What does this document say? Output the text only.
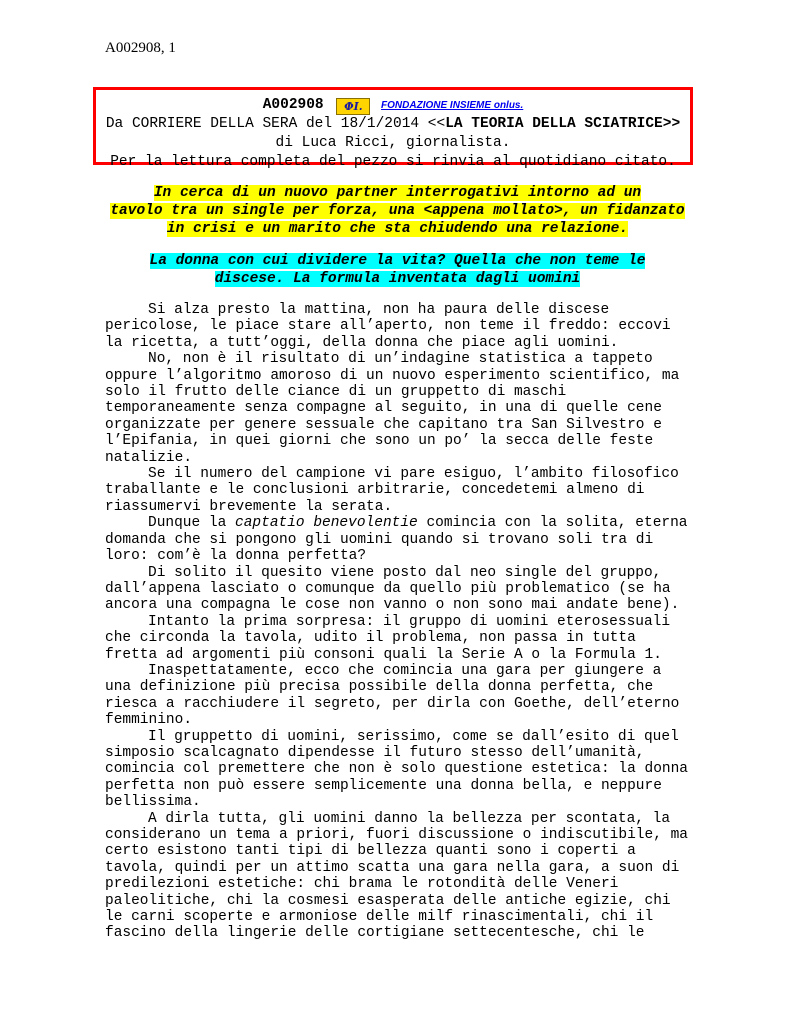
A002908, 1
A002908 ΦI. FONDAZIONE INSIEME onlus.
Da CORRIERE DELLA SERA del 18/1/2014 <<LA TEORIA DELLA SCIATRICE>>
di Luca Ricci, giornalista.
Per la lettura completa del pezzo si rinvia al quotidiano citato.
In cerca di un nuovo partner interrogativi intorno ad un
tavolo tra un single per forza, una <appena mollato>, un fidanzato
in crisi e un marito che sta chiudendo una relazione.
La donna con cui dividere la vita? Quella che non teme le
discese. La formula inventata dagli uomini

Si alza presto la mattina, non ha paura delle discese pericolose, le piace stare all’aperto, non teme il freddo: eccovi la ricetta, a tutt’oggi, della donna che piace agli uomini.

No, non è il risultato di un’indagine statistica a tappeto oppure l’algoritmo amoroso di un nuovo esperimento scientifico, ma solo il frutto delle ciance di un gruppetto di maschi temporaneamente senza compagne al seguito, in una di quelle cene organizzate per genere sessuale che capitano tra San Silvestro e l’Epifania, in quei giorni che sono un po’ la secca delle feste natalizie.

Se il numero del campione vi pare esiguo, l’ambito filosofico traballante e le conclusioni arbitrarie, concedetemi almeno di riassumervi brevemente la serata.

Dunque la captatio benevolentie comincia con la solita, eterna domanda che si pongono gli uomini quando si trovano soli tra di loro: com’è la donna perfetta?

Di solito il quesito viene posto dal neo single del gruppo, dall’appena lasciato o comunque da quello più problematico (se ha ancora una compagna le cose non vanno o non sono mai andate bene).

Intanto la prima sorpresa: il gruppo di uomini eterosessuali che circonda la tavola, udito il problema, non passa in tutta fretta ad argomenti più consoni quali la Serie A o la Formula 1.

Inaspettatamente, ecco che comincia una gara per giungere a una definizione più precisa possibile della donna perfetta, che riesca a racchiudere il segreto, per dirla con Goethe, dell’eterno femminino.

Il gruppetto di uomini, serissimo, come se dall’esito di quel simposio scalcagnato dipendesse il futuro stesso dell’umanità, comincia col premettere che non è solo questione estetica: la donna perfetta non può essere semplicemente una donna bella, e neppure bellissima.

A dirla tutta, gli uomini danno la bellezza per scontata, la considerano un tema a priori, fuori discussione o indiscutibile, ma certo esistono tanti tipi di bellezza quanti sono i coperti a tavola, quindi per un attimo scatta una gara nella gara, a suon di predilezioni estetiche: chi brama le rotondità delle Veneri paleolitiche, chi la cosmesi esasperata delle antiche egizie, chi le carni scoperte e armoniose delle milf rinascimentali, chi il fascino della lingerie delle cortigiane settecentesche, chi le
